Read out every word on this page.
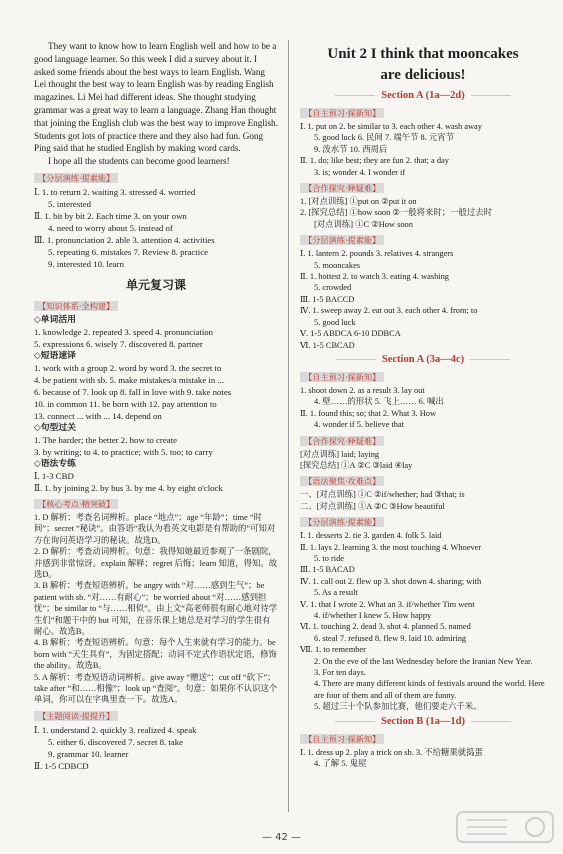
They want to know how to learn English well and how to be a good language learner. So this week I did a survey about it. I asked some friends about the best ways to learn English. Wang Lei thought the best way to learn English was by reading English magazines. Li Mei had different ideas. She thought studying grammar was a great way to learn a language. Zhang Han thought that joining the English club was the best way to improve English. Students got lots of practice there and they also had fun. Gong Ping said that he studied English by making word cards.

I hope all the students can become good learners!

【分层演练·提素能】
Ⅰ. 1. to return 2. waiting 3. stressed 4. worried
5. interested
Ⅱ. 1. bit by bit 2. Each time 3. on your own
4. need to worry about 5. instead of
Ⅲ. 1. pronunciation 2. able 3. attention 4. activities
5. repeating 6. mistakes 7. Review 8. practice
9. interested 10. learn
单元复习课
【知识体系·全构建】
◇单词活用
1. knowledge 2. repeated 3. speed 4. pronunciation
5. expressions 6. wisely 7. discovered 8. partner
◇短语速译
1. work with a group 2. word by word 3. the secret to
4. be patient with sb. 5. make mistakes/a mistake in ...
6. because of 7. look up 8. fall in love with 9. take notes
10. in common 11. be born with 12. pay attention to
13. connect ... with ... 14. depend on
◇句型过关
1. The harder; the better 2. how to create
3. by writing; to 4. to practice; with 5. too; to carry
◇语法专练
Ⅰ. 1-3 CBD
Ⅱ. 1. by joining 2. by bus 3. by me 4. by eight o'clock
【核心考点·精突破】
1. D 解析：考查名词辨析。place “地点”；age “年龄”；time “时间”；secret “秘诀”。由答语“我认为看英文电影是有帮助的”可知对方在询问英语学习的秘诀。故选D。
2. D 解析：考查动词辨析。句意：我得知她最近参观了一条剧院，并感到非常惊讶。explain 解释；regret 后悔；learn 知道，得知。故选D。
3. B 解析：考查短语辨析。be angry with “对……感到生气”；be patient with sb. “对……有耐心”；be worried about “对……感到担忧”；be similar to “与……相似”。由上文“高老师很有耐心地对待学生们”和题干中的 but 可知，在音乐课上她总是对学习的学生很有耐心。故选B。
4. B 解析：考查短语辨析。句意：每个人生来就有学习的能力。be born with “天生具有”，为固定搭配；动词不定式作语状定语，修饰 the ability。故选B。
5. A 解析：考查短语动词辨析。give away “赠送”；cut off “砍下”；take after “和……相像”；look up “查阅”。句意：如果你不认识这个单词，你可以在字典里查一下。故选A。
【主题阅读·提提升】
Ⅰ. 1. understand 2. quickly 3. realized 4. speak
5. either 6. discovered 7. secret 8. take
9. grammar 10. learner
Ⅱ. 1-5 CDBCD
Unit 2 I think that mooncakes
are delicious!
Section A (1a—2d)
【自主预习·探新知】
Ⅰ. 1. put on 2. be similar to 3. each other 4. wash away
5. good luck 6. 民间 7. 端午节 8. 元宵节
9. 泼水节 10. 西周后
Ⅱ. 1. do; like best; they are fun 2. that; a day
3. is; wonder 4. I wonder if
【合作探究·释疑难】
1. [对点训练] ①put on ②put it on
2. [探究总结] ①how soon ②一般将来时；一般过去时
[对点训练] ①C ②How soon
【分层演练·提素能】
Ⅰ. 1. lantern 2. pounds 3. relatives 4. strangers
5. mooncakes
Ⅱ. 1. hottest 2. to watch 3. eating 4. washing
5. crowded
Ⅲ. 1-5 BACCD
Ⅳ. 1. sweep away 2. eat out 3. each other 4. from; to
5. good luck
Ⅴ. 1-5 ABDCA 6-10 DDBCA
Ⅵ. 1-5 CBCAD
Section A (3a—4c)
【自主预习·探新知】
1. shoot down 2. as a result 3. lay out
4. 壁……的形状 5. 飞上…… 6. 喊出
Ⅱ. 1. found this; so; that 2. What 3. How
4. wonder if 5. believe that
【合作探究·释疑难】
[对点训练] laid; laying
[探究总结] ①A ②C ③laid ④lay
【语法聚焦·攻难点】
一、[对点训练] ①C ②if/whether; had ③that; is
二、[对点训练] ①A ②C ③How beautiful
【分层演练·提素能】
Ⅰ. 1. desserts 2. tie 3. garden 4. folk 5. laid
Ⅱ. 1. lays 2. learning 3. the most touching 4. Whoever
5. to ride
Ⅲ. 1-5 BACAD
Ⅳ. 1. call out 2. flew up 3. shot down 4. sharing; with
5. As a result
Ⅴ. 1. that I wrote 2. What an 3. if/whether Tim went
4. if/whether I knew 5. How happy
Ⅵ. 1. touching 2. dead 3. shot 4. planned 5. named
6. steal 7. refused 8. flew 9. laid 10. admiring
Ⅶ. 1. to remember
2. On the eve of the last Wednesday before the Iranian New Year.
3. For ten days.
4. There are many different kinds of festivals around the world. Here are four of them and all of them are funny.
5. 超过三十个队参加比赛，他们要走六千米。
Section B (1a—1d)
【自主预习·探新知】
Ⅰ. 1. dress up 2. play a trick on sb. 3. 不给糖果就捣蛋
4. 了解 5. 鬼屋
— 42 —
